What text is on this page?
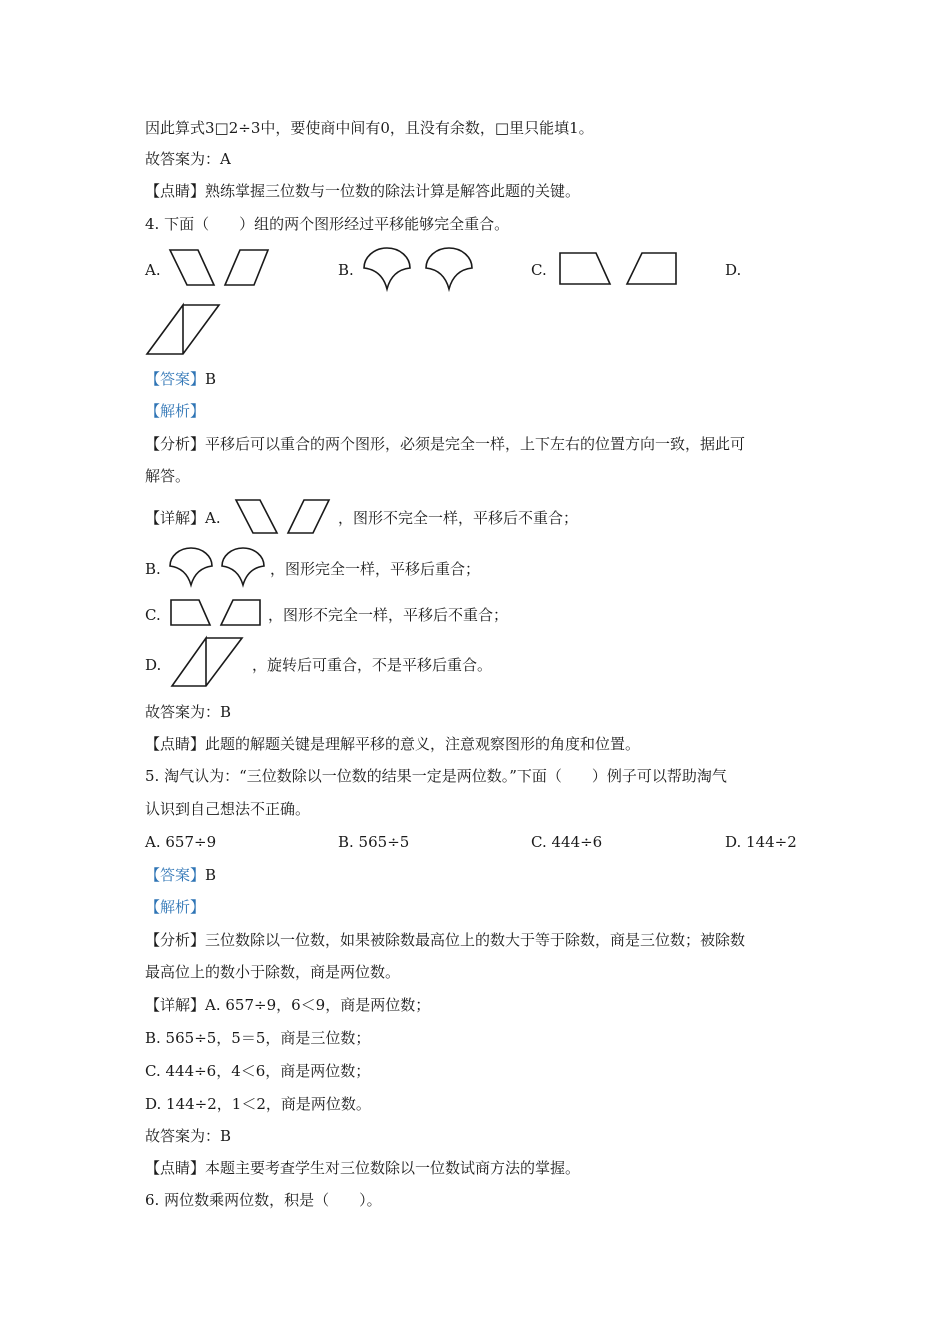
因此算式3□2÷3中，要使商中间有0，且没有余数，□里只能填1。
故答案为：A
【点睛】熟练掌握三位数与一位数的除法计算是解答此题的关键。
4. 下面（　　）组的两个图形经过平移能够完全重合。
A.	B.	C.	D.
【答案】B
【解析】
【分析】平移后可以重合的两个图形，必须是完全一样，上下左右的位置方向一致，据此可
解答。
【详解】A.	，图形不完全一样，平移后不重合；
B.	，图形完全一样，平移后重合；
C.	，图形不完全一样，平移后不重合；
D.	，旋转后可重合，不是平移后重合。
故答案为：B
【点睛】此题的解题关键是理解平移的意义，注意观察图形的角度和位置。
5. 淘气认为：“三位数除以一位数的结果一定是两位数。”下面（　　）例子可以帮助淘气
认识到自己想法不正确。
A. 657÷9	B. 565÷5	C. 444÷6	D. 144÷2
【答案】B
【解析】
【分析】三位数除以一位数，如果被除数最高位上的数大于等于除数，商是三位数；被除数
最高位上的数小于除数，商是两位数。
【详解】A. 657÷9，6＜9，商是两位数；
B. 565÷5，5＝5，商是三位数；
C. 444÷6，4＜6，商是两位数；
D. 144÷2，1＜2，商是两位数。
故答案为：B
【点睛】本题主要考查学生对三位数除以一位数试商方法的掌握。
6. 两位数乘两位数，积是（　　）。
